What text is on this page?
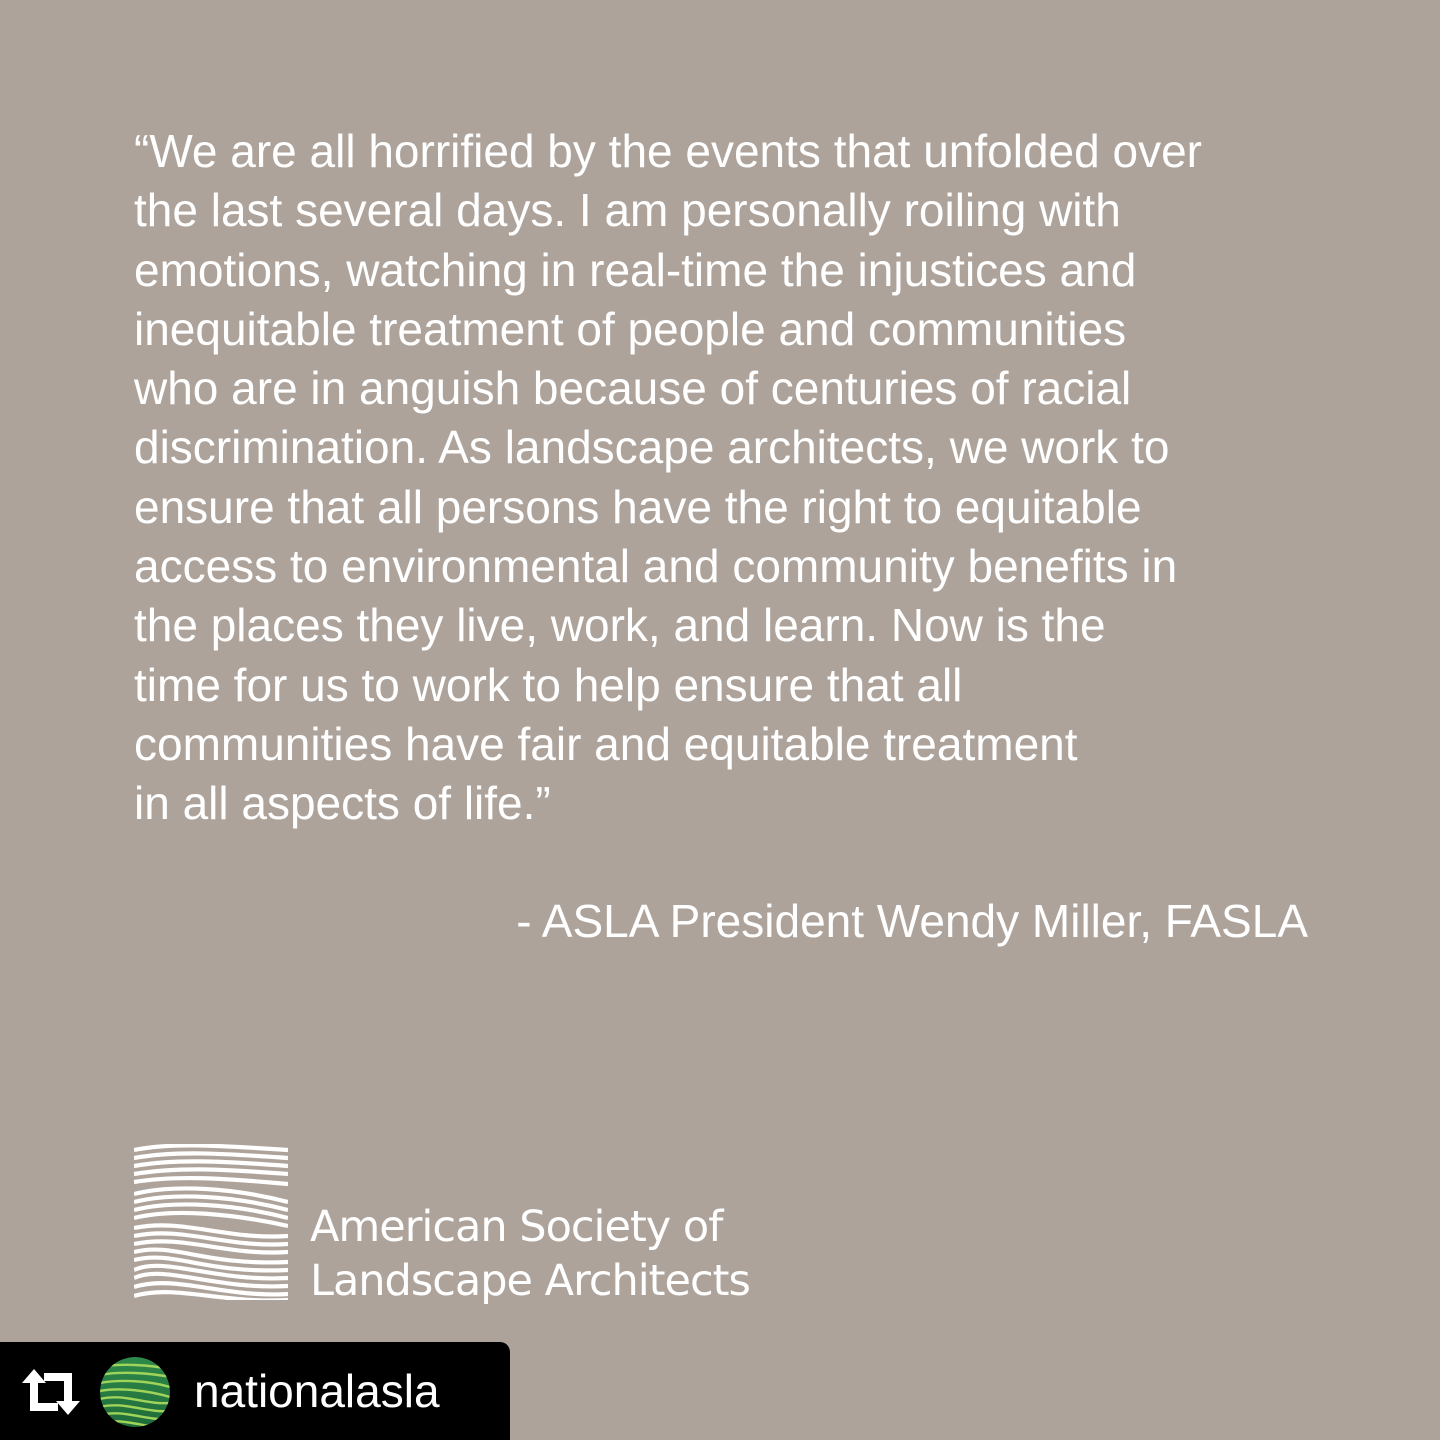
“We are all horrified by the events that unfolded over
the last several days. I am personally roiling with
emotions, watching in real-time the injustices and
inequitable treatment of people and communities
who are in anguish because of centuries of racial
discrimination. As landscape architects, we work to
ensure that all persons have the right to equitable
access to environmental and community benefits in
the places they live, work, and learn. Now is the
time for us to work to help ensure that all
communities have fair and equitable treatment
in all aspects of life.”
- ASLA President Wendy Miller, FASLA
American Society of
Landscape Architects
nationalasla
